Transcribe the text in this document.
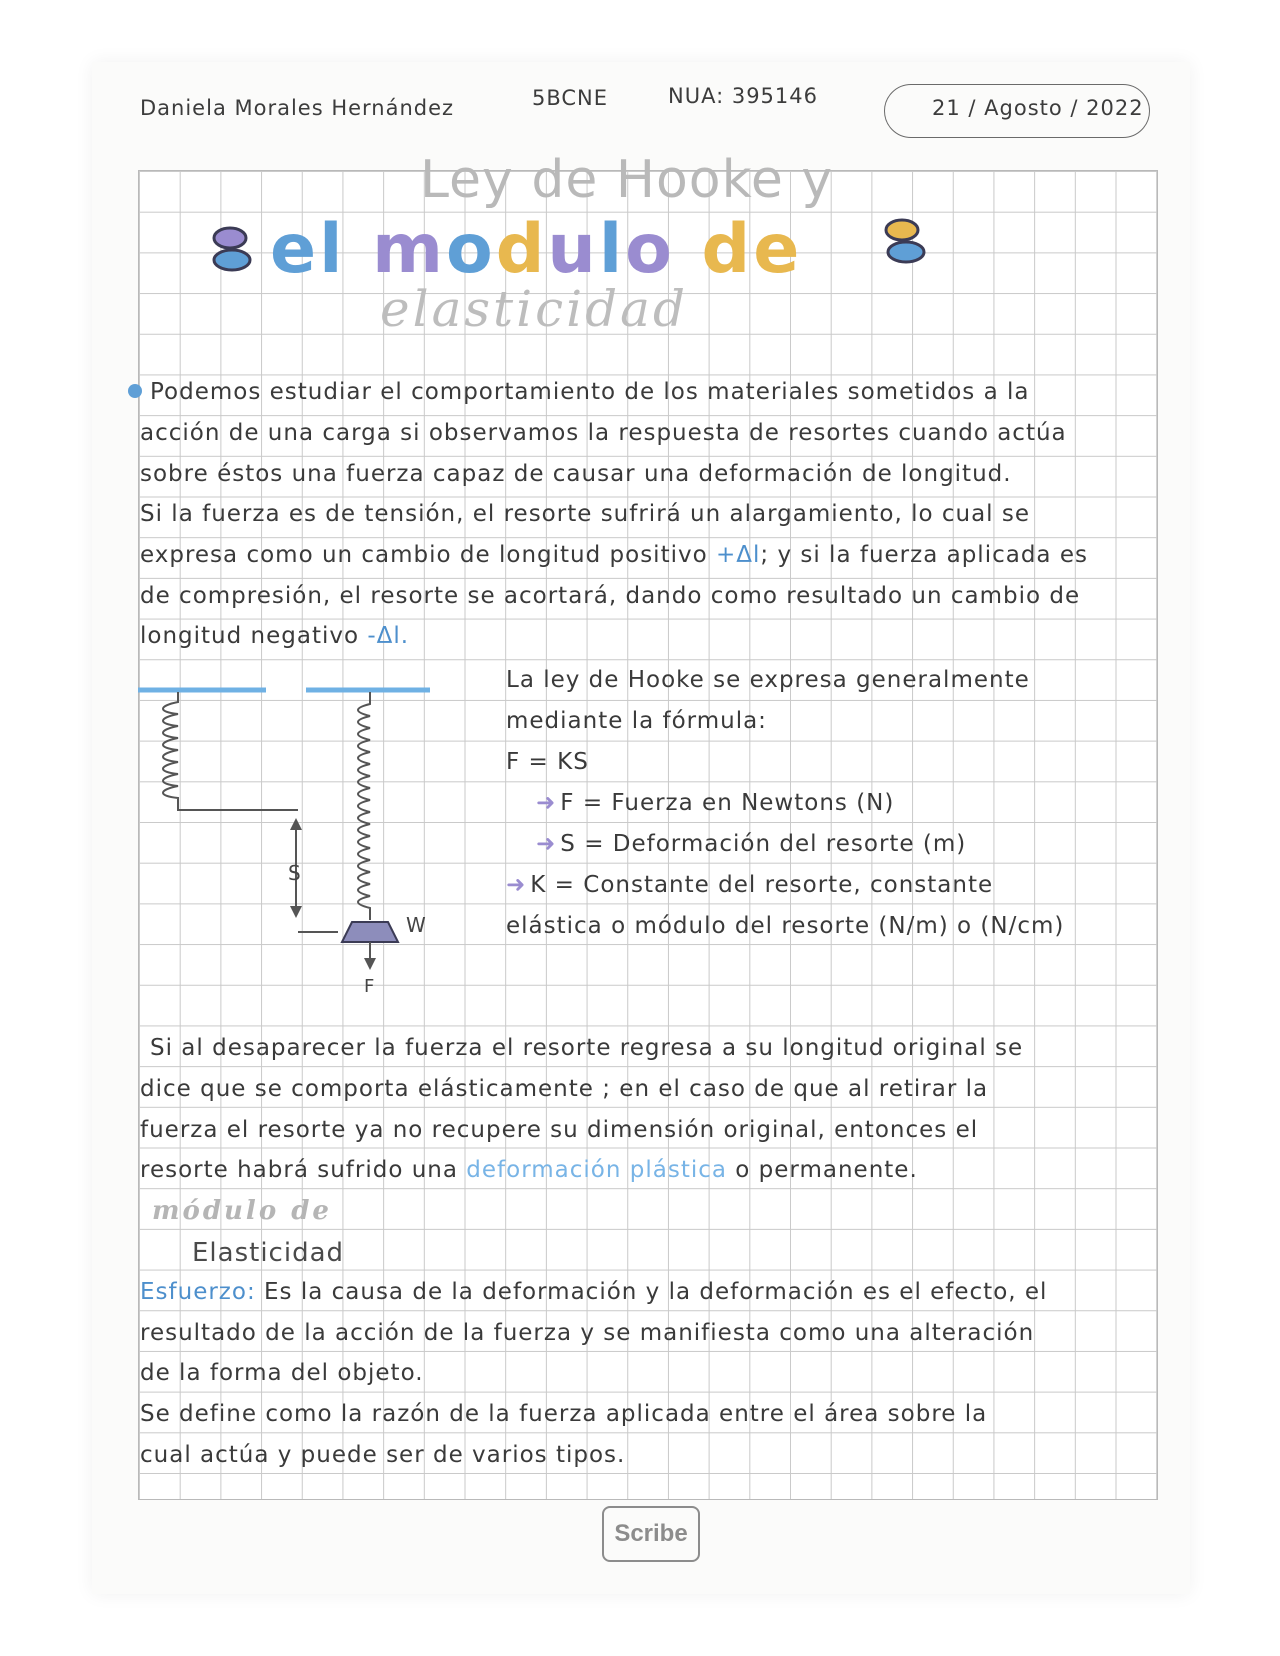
Daniela Morales Hernández	5BCNE	NUA: 395146	21 / Agosto / 2022
Ley de Hooke y
el modulo de
elasticidad
Podemos estudiar el comportamiento de los materiales sometidos a la
acción de una carga si observamos la respuesta de resortes cuando actúa
sobre éstos una fuerza capaz de causar una deformación de longitud.
Si la fuerza es de tensión, el resorte sufrirá un alargamiento, lo cual se
expresa como un cambio de longitud positivo +Δl; y si la fuerza aplicada es
de compresión, el resorte se acortará, dando como resultado un cambio de
longitud negativo -Δl.
S
W
F
La ley de Hooke se expresa generalmente
mediante la fórmula:
F = KS
➜ F = Fuerza en Newtons (N)
➜ S = Deformación del resorte (m)
➜ K = Constante del resorte, constante
elástica o módulo del resorte (N/m) o (N/cm)
Si al desaparecer la fuerza el resorte regresa a su longitud original se
dice que se comporta elásticamente ; en el caso de que al retirar la
fuerza el resorte ya no recupere su dimensión original, entonces el
resorte habrá sufrido una deformación plástica o permanente.
módulo de
Elasticidad
Esfuerzo: Es la causa de la deformación y la deformación es el efecto, el
resultado de la acción de la fuerza y se manifiesta como una alteración
de la forma del objeto.
Se define como la razón de la fuerza aplicada entre el área sobre la
cual actúa y puede ser de varios tipos.
Scribe
